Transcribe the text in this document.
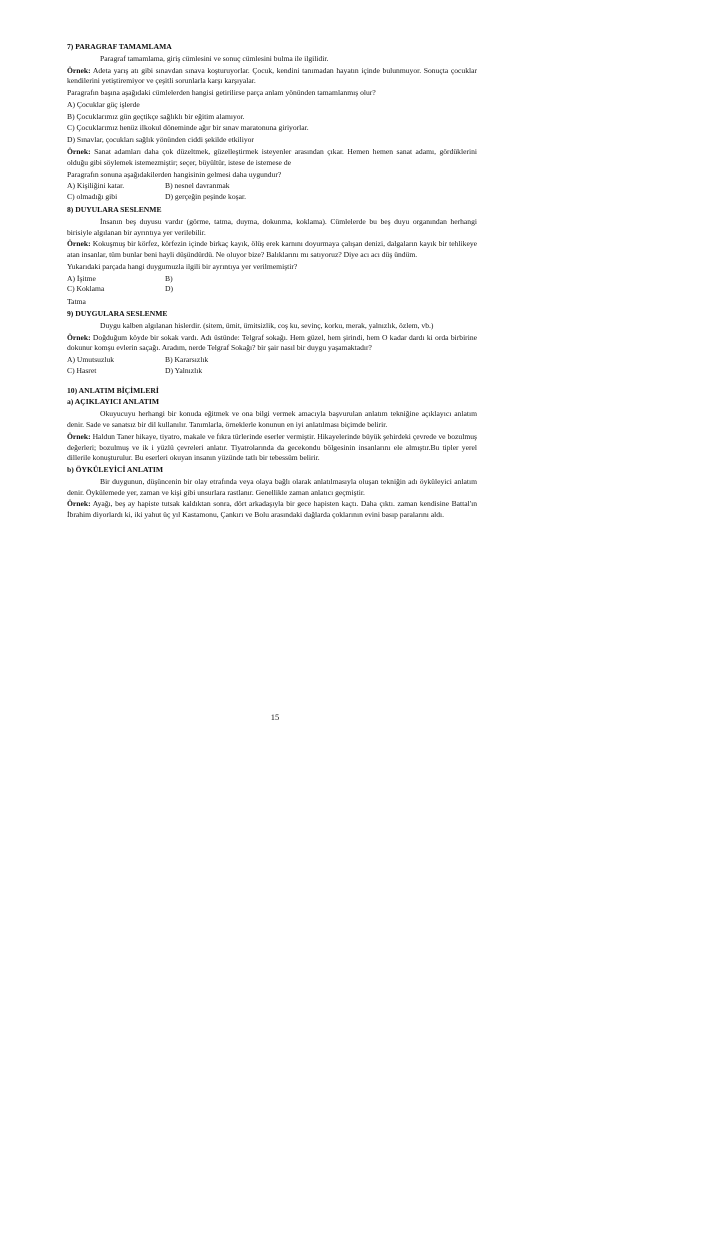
7) PARAGRAF TAMAMLAMA

Paragraf tamamlama, giriş cümlesini ve sonuç cümlesini bulma ile ilgilidir.

Örnek: Adeta yarış atı gibi sınavdan sınava koşturuyorlar. Çocuk, kendini tanımadan hayatın içinde bulunmuyor. Sonuçta çocuklar kendilerini yetiştiremiyor ve çeşitli sorunlarla karşı karşıyalar.

Paragrafın başına aşağıdaki cümlelerden hangisi getirilirse parça anlam yönünden tamamlanmış olur?

A) Çocuklar güç işlerde

B) Çocuklarımız gün geçtikçe sağlıklı bir eğitim alamıyor.

C) Çocuklarımız henüz ilkokul döneminde ağır bir sınav maratonuna giriyorlar.

D) Sınavlar, çocukları sağlık yönünden ciddi şekilde etkiliyor

Örnek: Sanat adamları daha çok düzeltmek, güzelleştirmek isteyenler arasından çıkar. Hemen hemen sanat adamı, gördüklerini olduğu gibi söylemek istemezmiştir; seçer, büyültür, istese de istemese de

Paragrafın sonuna aşağıdakilerden hangisinin gelmesi daha uygundur?

A) Kişiliğini katar.	B) nesnel davranmak
C) olmadığı gibi	D) gerçeğin peşinde koşar.
8) DUYULARA SESLENME

İnsanın beş duyusu vardır (görme, tatma, duyma, dokunma, koklama). Cümlelerde bu beş duyu organından herhangi birisiyle algılanan bir ayrıntıya yer verilebilir.

Örnek: Kokuşmuş bir körfez, körfezin içinde birkaç kayık, ölüş erek karnını doyurmaya çalışan denizi, dalgaların kayık bir tehlikeye atan insanlar, tüm bunlar beni hayli düşündürdü. Ne oluyor bize? Balıklarını mı satıyoruz? Diye acı acı düş ündüm.

Yukarıdaki parçada hangi duygumuzla ilgili bir ayrıntıya yer verilmemiştir?

A) İşitme	B)
C) Koklama	D)

Tatma

9) DUYGULARA SESLENME

Duygu kalben algılanan hislerdir. (sitem, ümit, ümitsizlik, coş ku, sevinç, korku, merak, yalnızlık, özlem, vb.)

Örnek: Doğduğum köyde bir sokak vardı. Adı üstünde: Telgraf sokağı. Hem güzel, hem şirindi, hem O kadar dardı ki orda birbirine dokunur komşu evlerin saçağı. Aradım, nerde Telgraf Sokağı? bir şair nasıl bir duygu yaşamaktadır?

A) Umutsuzluk	B) Kararsızlık
C) Hasret	D) Yalnızlık
10) ANLATIM BİÇİMLERİ
a) AÇIKLAYICI ANLATIM

Okuyucuyu herhangi bir konuda eğitmek ve ona bilgi vermek amacıyla başvurulan anlatım tekniğine açıklayıcı anlatım denir. Sade ve sanatsız bir dil kullanılır. Tanımlarla, örneklerle konunun en iyi anlatılması biçimde belirir.

Örnek: Haldun Taner hikaye, tiyatro, makale ve fıkra türlerinde eserler vermiştir. Hikayelerinde büyük şehirdeki çevrede ve bozulmuş değerleri; bozulmuş ve ik i yüzlü çevreleri anlatır. Tiyatrolarında da gecekondu bölgesinin insanlarını ele almıştır.Bu tipler yerel dillerile konuşturulur. Bu eserleri okuyan insanın yüzünde tatlı bir tebessüm belirir.

b) ÖYKÜLEYİCİ ANLATIM

Bir duygunun, düşüncenin bir olay etrafında veya olaya bağlı olarak anlatılmasıyla oluşan tekniğin adı öyküleyici anlatım denir. Öykülemede yer, zaman ve kişi gibi unsurlara rastlanır. Genellikle zaman anlatıcı geçmiştir.

Örnek: Ayağı, beş ay hapiste tutsak kaldıktan sonra, dört arkadaşıyla bir gece hapisten kaçtı. Daha çıktı. zaman kendisine Battal'ın İbrahim diyorlardı ki, iki yahut üç yıl Kastamonu, Çankırı ve Bolu arasındaki dağlarda çoklarının evini basıp paralarını aldı.

15
